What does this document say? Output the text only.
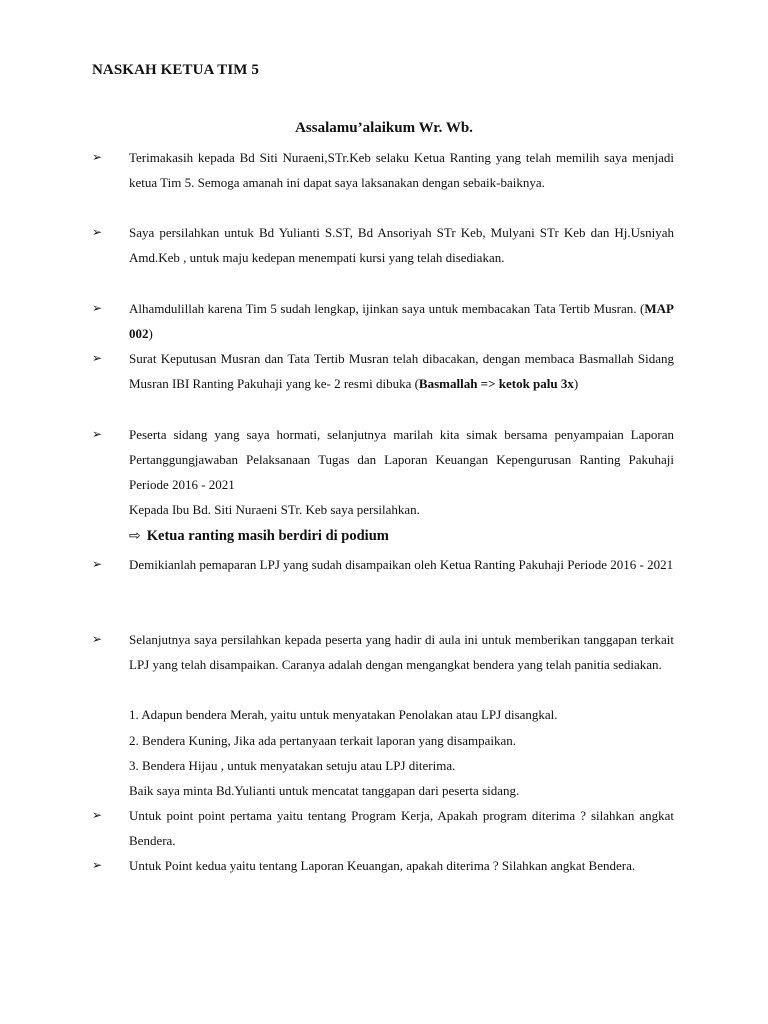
NASKAH KETUA TIM 5
Assalamu’alaikum Wr. Wb.
➢	Terimakasih kepada Bd Siti Nuraeni,STr.Keb selaku Ketua Ranting yang telah memilih saya menjadi ketua Tim 5. Semoga amanah ini dapat saya laksanakan dengan sebaik-baiknya.
➢	Saya persilahkan untuk Bd Yulianti S.ST, Bd Ansoriyah STr Keb, Mulyani STr Keb dan Hj.Usniyah Amd.Keb , untuk maju kedepan menempati kursi yang telah disediakan.
➢	Alhamdulillah karena Tim 5 sudah lengkap, ijinkan saya untuk membacakan Tata Tertib Musran. (MAP 002)
➢	Surat Keputusan Musran dan Tata Tertib Musran telah dibacakan, dengan membaca Basmallah Sidang Musran IBI Ranting Pakuhaji yang ke- 2 resmi dibuka (Basmallah => ketok palu 3x)
➢	Peserta sidang yang saya hormati, selanjutnya marilah kita simak bersama penyampaian Laporan Pertanggungjawaban Pelaksanaan Tugas dan Laporan Keuangan Kepengurusan Ranting Pakuhaji Periode 2016 - 2021
Kepada Ibu Bd. Siti Nuraeni STr. Keb saya persilahkan.
⇨ Ketua ranting masih berdiri di podium
➢	Demikianlah pemaparan LPJ yang sudah disampaikan oleh Ketua Ranting Pakuhaji Periode 2016 - 2021
➢	Selanjutnya saya persilahkan kepada peserta yang hadir di aula ini untuk memberikan tanggapan terkait LPJ yang telah disampaikan. Caranya adalah dengan mengangkat bendera yang telah panitia sediakan.
1. Adapun bendera Merah, yaitu untuk menyatakan Penolakan atau LPJ disangkal.
2. Bendera Kuning, Jika ada pertanyaan terkait laporan yang disampaikan.
3. Bendera Hijau , untuk menyatakan setuju atau LPJ diterima.
Baik saya minta Bd.Yulianti untuk mencatat tanggapan dari peserta sidang.
➢	Untuk point point pertama yaitu tentang Program Kerja, Apakah program diterima ? silahkan angkat Bendera.
➢	Untuk Point kedua yaitu tentang Laporan Keuangan, apakah diterima ? Silahkan angkat Bendera.
